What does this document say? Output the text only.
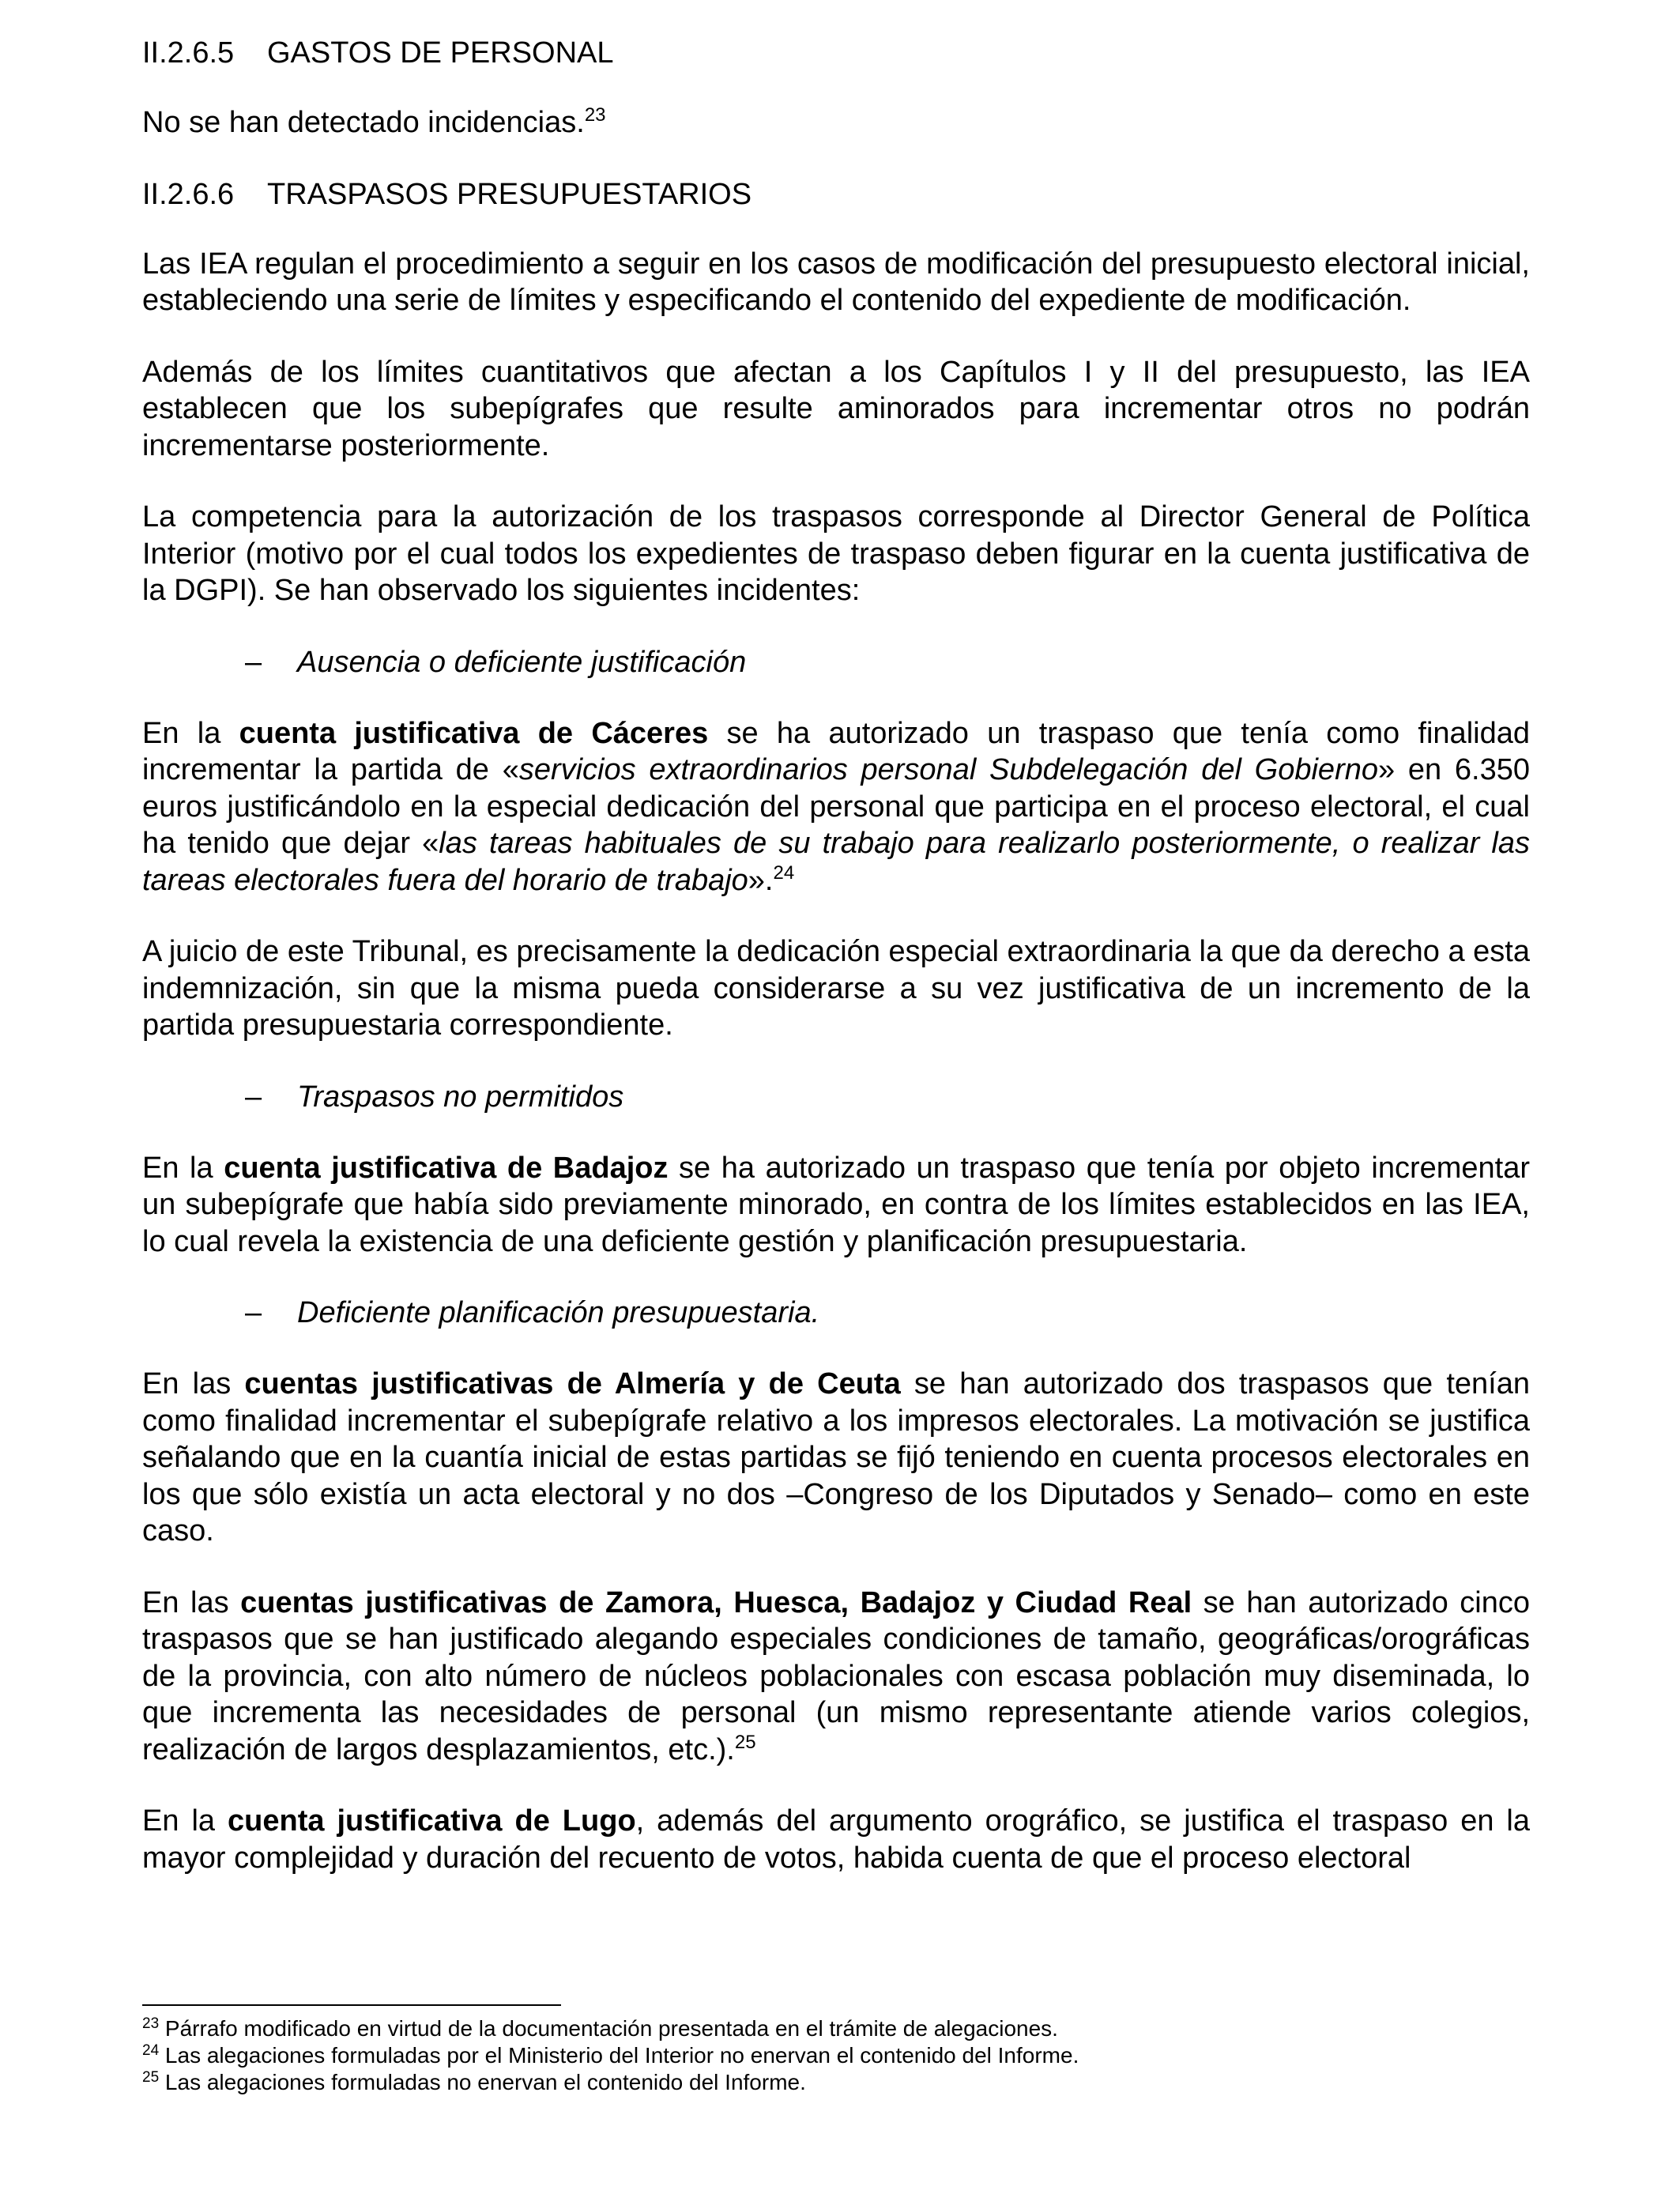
II.2.6.5 GASTOS DE PERSONAL

No se han detectado incidencias.$^{23}$

II.2.6.6 TRASPASOS PRESUPUESTARIOS

Las IEA regulan el procedimiento a seguir en los casos de modificación del presupuesto electoral inicial, estableciendo una serie de límites y especificando el contenido del expediente de modificación.

Además de los límites cuantitativos que afectan a los Capítulos I y II del presupuesto, las IEA establecen que los subepígrafes que resulte aminorados para incrementar otros no podrán incrementarse posteriormente.

La competencia para la autorización de los traspasos corresponde al Director General de Política Interior (motivo por el cual todos los expedientes de traspaso deben figurar en la cuenta justificativa de la DGPI). Se han observado los siguientes incidentes:

– Ausencia o deficiente justificación

En la cuenta justificativa de Cáceres se ha autorizado un traspaso que tenía como finalidad incrementar la partida de «servicios extraordinarios personal Subdelegación del Gobierno» en 6.350 euros justificándolo en la especial dedicación del personal que participa en el proceso electoral, el cual ha tenido que dejar «las tareas habituales de su trabajo para realizarlo posteriormente, o realizar las tareas electorales fuera del horario de trabajo».$^{24}$

A juicio de este Tribunal, es precisamente la dedicación especial extraordinaria la que da derecho a esta indemnización, sin que la misma pueda considerarse a su vez justificativa de un incremento de la partida presupuestaria correspondiente.

– Traspasos no permitidos

En la cuenta justificativa de Badajoz se ha autorizado un traspaso que tenía por objeto incrementar un subepígrafe que había sido previamente minorado, en contra de los límites establecidos en las IEA, lo cual revela la existencia de una deficiente gestión y planificación presupuestaria.

– Deficiente planificación presupuestaria.

En las cuentas justificativas de Almería y de Ceuta se han autorizado dos traspasos que tenían como finalidad incrementar el subepígrafe relativo a los impresos electorales. La motivación se justifica señalando que en la cuantía inicial de estas partidas se fijó teniendo en cuenta procesos electorales en los que sólo existía un acta electoral y no dos –Congreso de los Diputados y Senado– como en este caso.

En las cuentas justificativas de Zamora, Huesca, Badajoz y Ciudad Real se han autorizado cinco traspasos que se han justificado alegando especiales condiciones de tamaño, geográficas/orográficas de la provincia, con alto número de núcleos poblacionales con escasa población muy diseminada, lo que incrementa las necesidades de personal (un mismo representante atiende varios colegios, realización de largos desplazamientos, etc.).$^{25}$

En la cuenta justificativa de Lugo, además del argumento orográfico, se justifica el traspaso en la mayor complejidad y duración del recuento de votos, habida cuenta de que el proceso electoral

$^{23}$ Párrafo modificado en virtud de la documentación presentada en el trámite de alegaciones.
$^{24}$ Las alegaciones formuladas por el Ministerio del Interior no enervan el contenido del Informe.
$^{25}$ Las alegaciones formuladas no enervan el contenido del Informe.
